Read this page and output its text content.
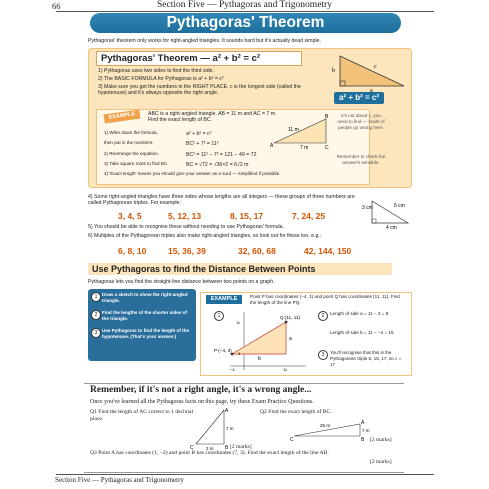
66	Section Five — Pythagoras and Trigonometry
Pythagoras' Theorem
Pythagoras' theorem only works for right-angled triangles. It sounds hard but it's actually dead simple.
Pythagoras' Theorem — a² + b² = c²
1) Pythagoras uses two sides to find the third side.
2) The BASIC FORMULA for Pythagoras is a² + b² = c²
3) Make sure you get the numbers in the RIGHT PLACE. c is the longest side (called the hypotenuse) and it's always opposite the right angle.
b
a
c
a² + b² = c²
EXAMPLE	ABC is a right-angled triangle. AB = 11 m and AC = 7 m. Find the exact length of BC.
1) Write down the formula,
then put in the numbers.
2) Rearrange the equation.
3) Take square roots to find BC.
4) 'Exact length' means you should give your answer as a surd — simplified if possible.
a² + b² = c²
BC² + 7² = 11²
BC² = 11² − 7² = 121 − 49 = 72
BC = √72 = √36×2 = 6√2 m
A
B
C
11 m
7 m
It's not about c, you need to find — loads of people go wrong here.
Remember to check the answer's sensible.
4) Some right-angled triangles have three sides whose lengths are all integers — these groups of three numbers are called Pythagorean triples. For example:
3, 4, 5	5, 12, 13	8, 15, 17	7, 24, 25
5) You should be able to recognise these without needing to use Pythagoras' formula.
6) Multiples of the Pythagorean triples also make right-angled triangles, so look out for these too, e.g.:
6, 8, 10	15, 36, 39	32, 60, 68	42, 144, 150
3 cm	5 cm
4 cm
Use Pythagoras to find the Distance Between Points
Pythagoras lets you find the straight-line distance between two points on a graph.
Draw a sketch to show the right-angled triangle.
Find the lengths of the shorter sides of the triangle.
Use Pythagoras to find the length of the hypotenuse. (That's your answer.)
1
2
3
EXAMPLE	Point P has coordinates (−4, 3) and point Q has coordinates (11, 11). Find the length of the line PQ.
Q (11, 11)
P (−4, 3)
b
a
−4	11
3
11
1	2
3
Length of side a = 11 − 3 = 8
Length of side b = 11 − −4 = 15
You'll recognise that this is the Pythagorean triple 8, 15, 17, so c = 17
Remember, if it's not a right angle, it's a wrong angle...
Once you've learned all the Pythagoras facts on this page, try these Exam Practice Questions.
Q1 Find the length of AC correct to 1 decimal place.
[2 marks]
A
B
C
7 m
3 m
Q2 Find the exact length of BC.
[2 marks]
A
B
C
25 m
7 m
Q3 Point A has coordinates (1, −2) and point B has coordinates (7, 3). Find the exact length of the line AB.
[2 marks]
Section Five — Pythagoras and Trigonometry
